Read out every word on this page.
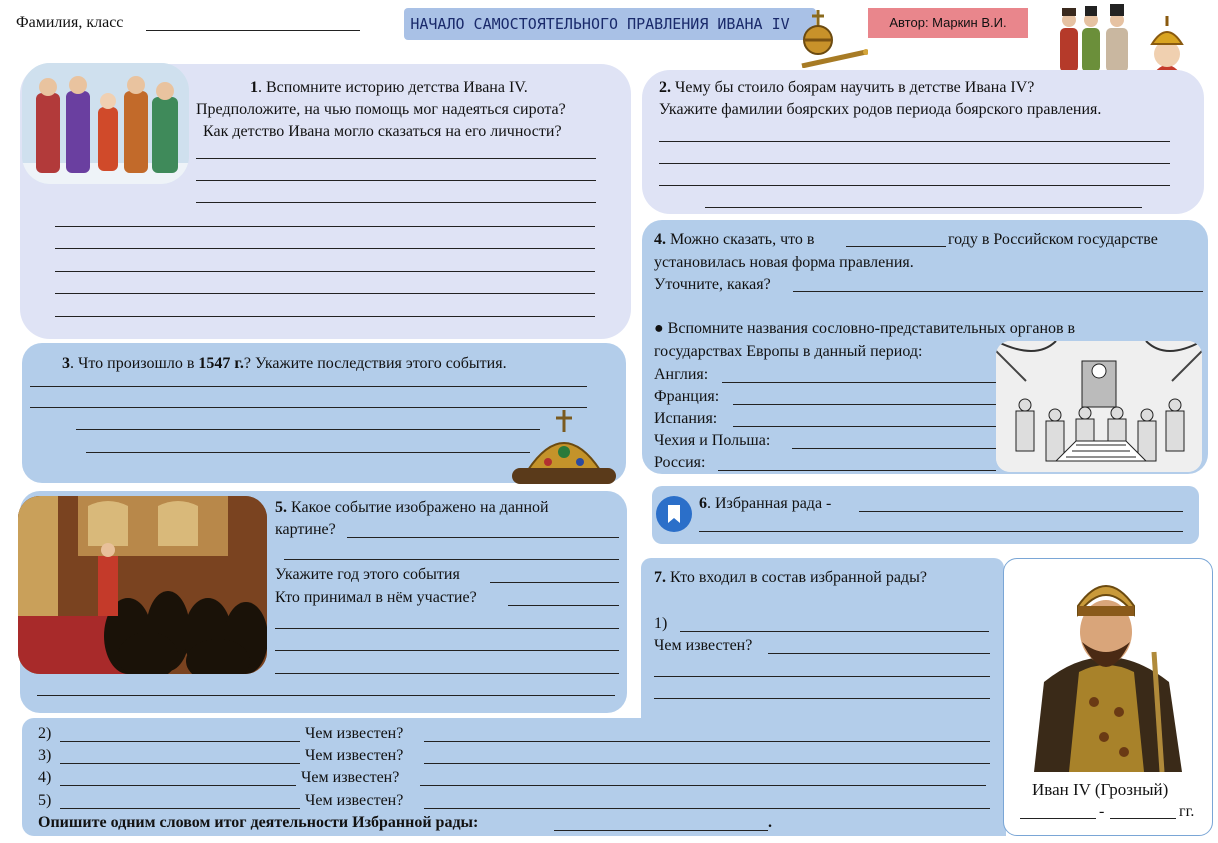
Фамилия, класс	НАЧАЛО САМОСТОЯТЕЛЬНОГО ПРАВЛЕНИЯ ИВАНА IV	Автор: Маркин В.И.
1. Вспомните историю детства Ивана IV.
Предположите, на чью помощь мог надеяться сирота?
Как детство Ивана могло сказаться на его личности?
2. Чему бы стоило боярам научить в детстве Ивана IV?
Укажите фамилии боярских родов периода боярского правления.
3. Что произошло в 1547 г.? Укажите последствия этого события.
4. Можно сказать, что в	году в Российском государстве
установилась новая форма правления.
Уточните, какая?
● Вспомните названия сословно-представительных органов в
государствах Европы в данный период:
Англия:
Франция:
Испания:
Чехия и Польша:
Россия:
5. Какое событие изображено на данной
картине?
Укажите год этого события
Кто принимал в нём участие?
6. Избранная рада -
7. Кто входил в состав избранной рады?
1)
Чем известен?
2)	Чем известен?
3)	Чем известен?
4)	Чем известен?
5)	Чем известен?
Опишите одним словом итог деятельности Избранной рады:	.
Иван IV (Грозный)
-	гг.
